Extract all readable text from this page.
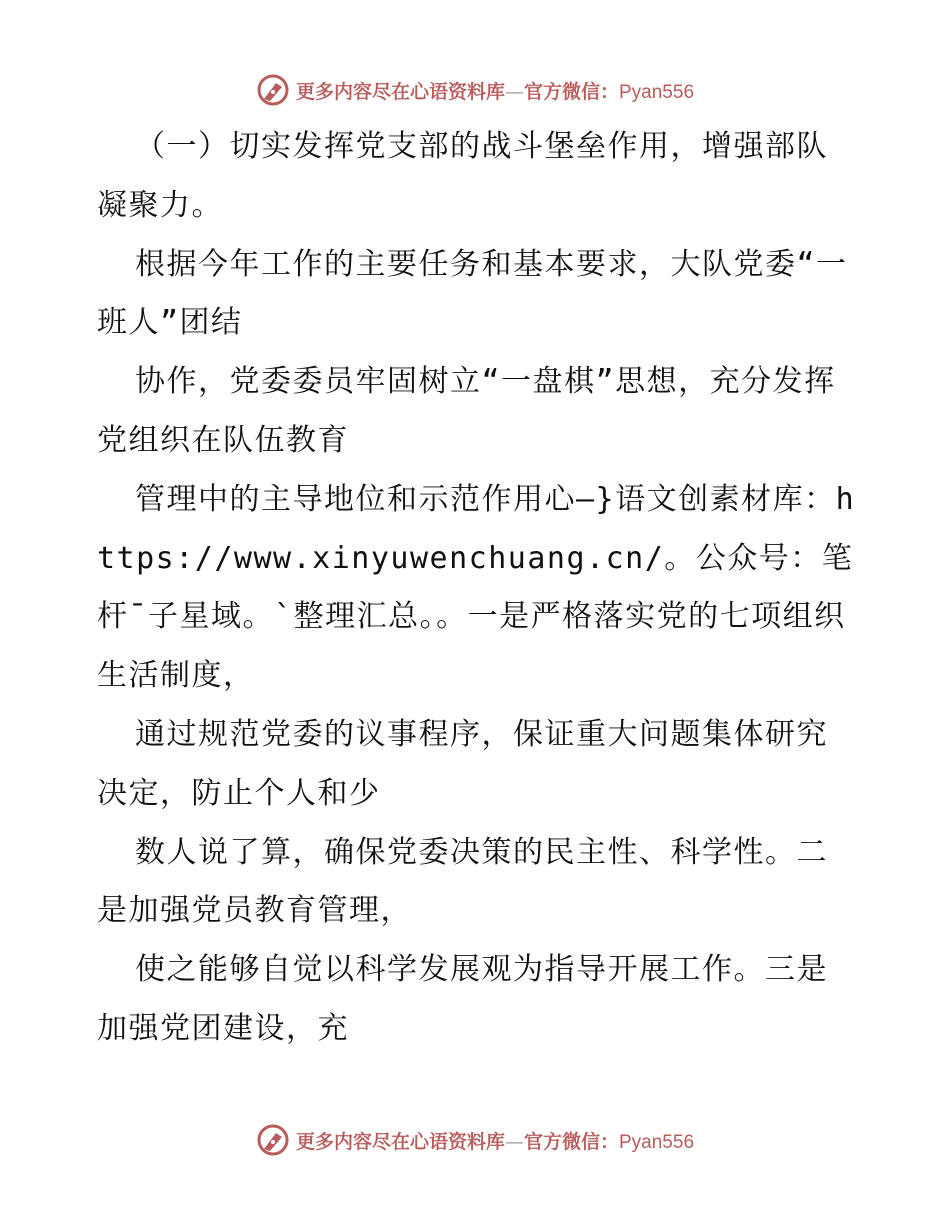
更多内容尽在心语资料库—官方微信：Pyan556

（一）切实发挥党支部的战斗堡垒作用，增强部队凝聚力。

根据今年工作的主要任务和基本要求，大队党委“一班人”团结

协作，党委委员牢固树立“一盘棋”思想，充分发挥党组织在队伍教育

管理中的主导地位和示范作用心—}语文创素材库：https://www.xinyuwenchuang.cn/。公众号：笔杆¯子星域。`整理汇总。。一是严格落实党的七项组织生活制度，

通过规范党委的议事程序，保证重大问题集体研究决定，防止个人和少

数人说了算，确保党委决策的民主性、科学性。二是加强党员教育管理，

使之能够自觉以科学发展观为指导开展工作。三是加强党团建设，充

更多内容尽在心语资料库—官方微信：Pyan556
